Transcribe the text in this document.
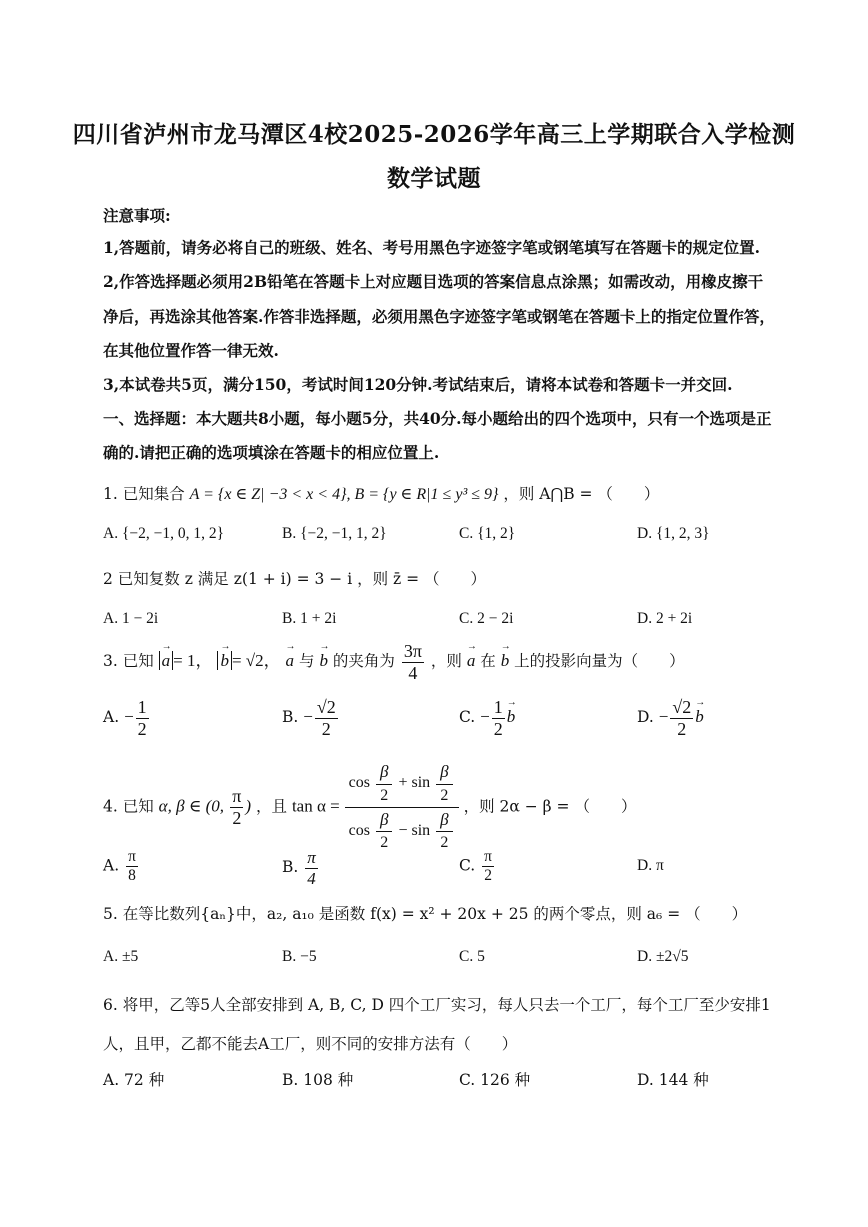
四川省泸州市龙马潭区4校2025-2026学年高三上学期联合入学检测
数学试题
注意事项:
1,答题前，请务必将自己的班级、姓名、考号用黑色字迹签字笔或钢笔填写在答题卡的规定位置.
2,作答选择题必须用2B铅笔在答题卡上对应题目选项的答案信息点涂黑；如需改动，用橡皮擦干
净后，再选涂其他答案.作答非选择题，必须用黑色字迹签字笔或钢笔在答题卡上的指定位置作答，
在其他位置作答一律无效.
3,本试卷共5页，满分150，考试时间120分钟.考试结束后，请将本试卷和答题卡一并交回.
一、选择题：本大题共8小题，每小题5分，共40分.每小题给出的四个选项中，只有一个选项是正
确的.请把正确的选项填涂在答题卡的相应位置上.
1. 已知集合 A = {x ∈ Z| −3 < x < 4}, B = {y ∈ R|1 ≤ y³ ≤ 9} ，则 A⋂B = （　　）
A. {−2, −1, 0, 1, 2}	B. {−2, −1, 1, 2}	C. {1, 2}	D. {1, 2, 3}
2 已知复数 z 满足 z(1 + i) = 3 − i ，则 z̄ = （　　）
A. 1 − 2i	B. 1 + 2i	C. 2 − 2i	D. 2 + 2i
3. 已知 → a = 1， → b = √2， → a 与 → b 的夹角为 $\frac{3\pi}{4}$ ，则 → a 在 → b 上的投影向量为（　　）
A. − $\frac{1}{2}$	B. − $\frac{√2}{2}$	C. − $\frac{1}{2}$
→ b	D. − $\frac{√2}{2}$
→ b
4. 已知 α, β ∈ (0, $\frac{\pi}{2}$ ) ，且 $\tan \alpha = \frac{\cos \frac{\beta}{2} + \sin \frac{\beta}{2}}{\cos \frac{\beta}{2} - \sin \frac{\beta}{2}}$ ，则 2α − β = （　　）
A. $\frac{\pi}{8}$	B. $\frac{\pi}{4}$	C. $\frac{\pi}{2}$	D. π
5. 在等比数列{aₙ}中，a₂, a₁₀ 是函数 f(x) = x² + 20x + 25 的两个零点，则 a₆ = （　　）
A. ±5	B. −5	C. 5	D. ±2√5
6. 将甲，乙等5人全部安排到 A, B, C, D 四个工厂实习，每人只去一个工厂，每个工厂至少安排1
人，且甲，乙都不能去A工厂，则不同的安排方法有（　　）
A. 72 种	B. 108 种	C. 126 种	D. 144 种
